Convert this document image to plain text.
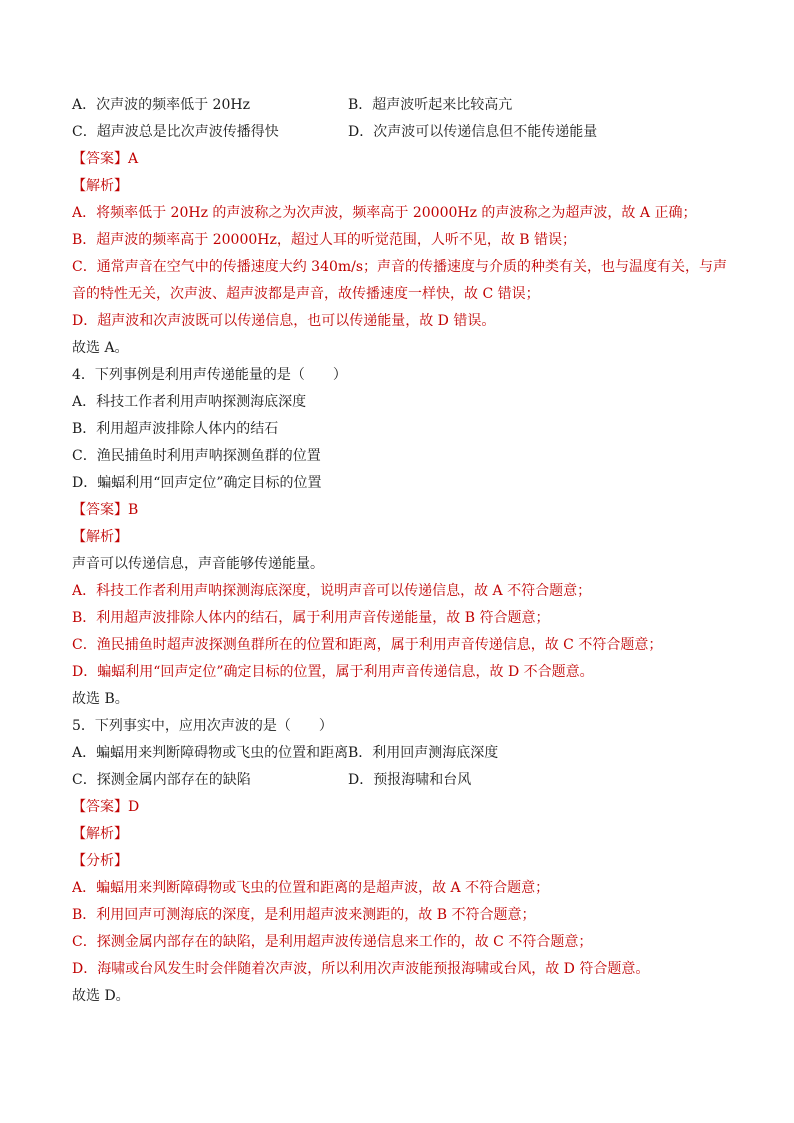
A．次声波的频率低于 20Hz	B．超声波听起来比较高亢
C．超声波总是比次声波传播得快	D．次声波可以传递信息但不能传递能量
【答案】A
【解析】
A．将频率低于 20Hz 的声波称之为次声波，频率高于 20000Hz 的声波称之为超声波，故 A 正确；
B．超声波的频率高于 20000Hz，超过人耳的听觉范围，人听不见，故 B 错误；
C．通常声音在空气中的传播速度大约 340m/s；声音的传播速度与介质的种类有关，也与温度有关，与声音的特性无关，次声波、超声波都是声音，故传播速度一样快，故 C 错误；
D．超声波和次声波既可以传递信息，也可以传递能量，故 D 错误。
故选 A。
4．下列事例是利用声传递能量的是（　　）
A．科技工作者利用声呐探测海底深度
B．利用超声波排除人体内的结石
C．渔民捕鱼时利用声呐探测鱼群的位置
D．蝙蝠利用“回声定位”确定目标的位置
【答案】B
【解析】
声音可以传递信息，声音能够传递能量。
A．科技工作者利用声呐探测海底深度，说明声音可以传递信息，故 A 不符合题意；
B．利用超声波排除人体内的结石，属于利用声音传递能量，故 B 符合题意；
C．渔民捕鱼时超声波探测鱼群所在的位置和距离，属于利用声音传递信息，故 C 不符合题意；
D．蝙蝠利用“回声定位”确定目标的位置，属于利用声音传递信息，故 D 不合题意。
故选 B。
5．下列事实中，应用次声波的是（　　）
A．蝙蝠用来判断障碍物或飞虫的位置和距离 B．利用回声测海底深度
C．探测金属内部存在的缺陷	D．预报海啸和台风
【答案】D
【解析】
【分析】
A．蝙蝠用来判断障碍物或飞虫的位置和距离的是超声波，故 A 不符合题意；
B．利用回声可测海底的深度，是利用超声波来测距的，故 B 不符合题意；
C．探测金属内部存在的缺陷，是利用超声波传递信息来工作的，故 C 不符合题意；
D．海啸或台风发生时会伴随着次声波，所以利用次声波能预报海啸或台风，故 D 符合题意。
故选 D。
